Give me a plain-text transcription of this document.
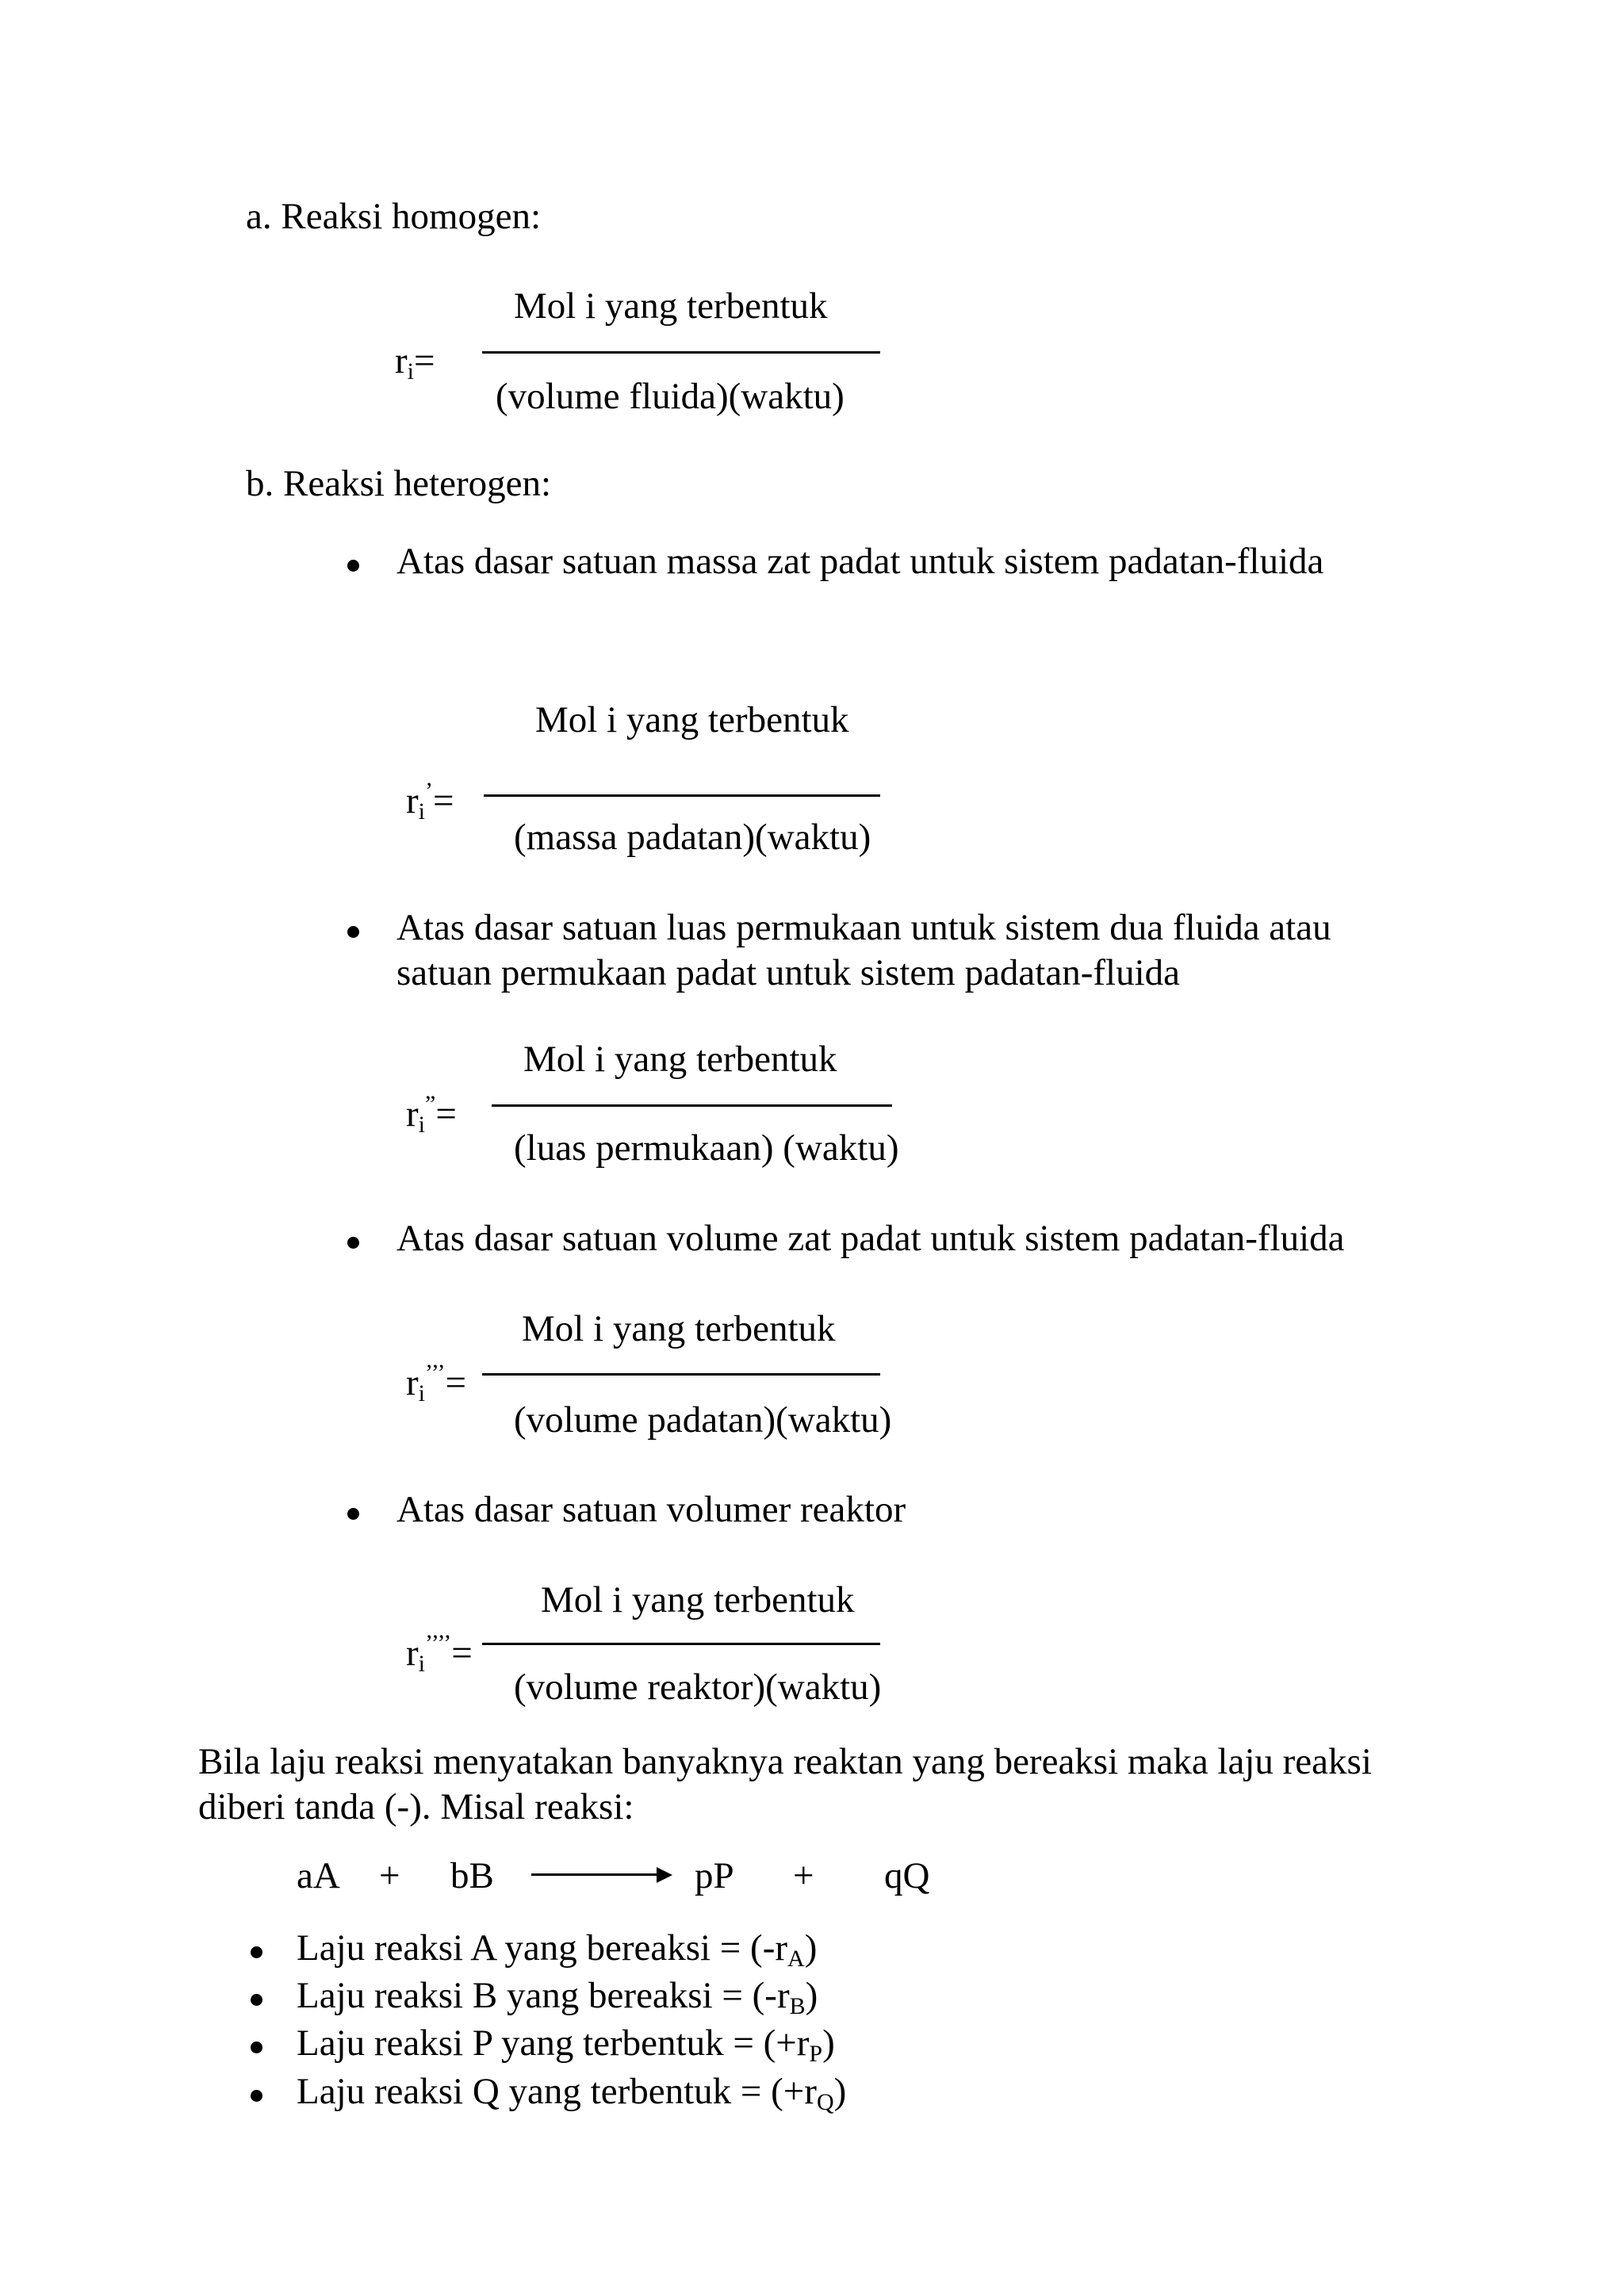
a. Reaksi homogen:
Mol i yang terbentuk
$r_i=$
(volume fluida)(waktu)
b. Reaksi heterogen:
Atas dasar satuan massa zat padat untuk sistem padatan-fluida
Mol i yang terbentuk
$r_i^’=$
(massa padatan)(waktu)
Atas dasar satuan luas permukaan untuk sistem dua fluida atau
satuan permukaan padat untuk sistem padatan-fluida
Mol i yang terbentuk
$r_i^”=$
(luas permukaan) (waktu)
Atas dasar satuan volume zat padat untuk sistem padatan-fluida
Mol i yang terbentuk
$r_i^{’’’}=$
(volume padatan)(waktu)
Atas dasar satuan volumer reaktor
Mol i yang terbentuk
$r_i^{’’’’}=$
(volume reaktor)(waktu)
Bila laju reaksi menyatakan banyaknya reaktan yang bereaksi maka laju reaksi
diberi tanda (-). Misal reaksi:
aA + bB	pP + qQ
Laju reaksi A yang bereaksi = $(-r_A)$
Laju reaksi B yang bereaksi = $(-r_B)$
Laju reaksi P yang terbentuk = $(+r_P)$
Laju reaksi Q yang terbentuk = $(+r_Q)$
